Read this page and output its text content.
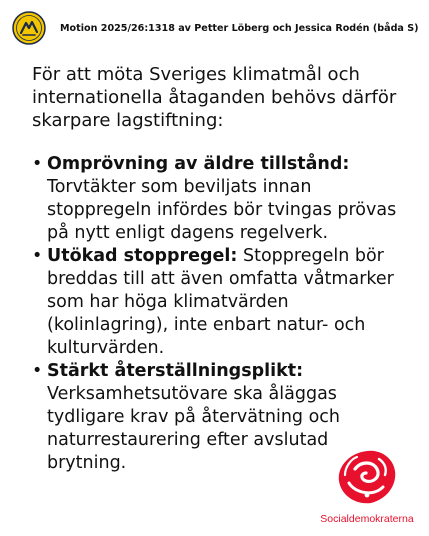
Motion 2025/26:1318 av Petter Löberg och Jessica Rodén (båda S)

För att möta Sveriges klimatmål och internationella åtaganden behövs därför skarpare lagstiftning:

• Omprövning av äldre tillstånd: Torvtäkter som beviljats innan stoppregeln infördes bör tvingas prövas på nytt enligt dagens regelverk.
• Utökad stoppregel: Stoppregeln bör breddas till att även omfatta våtmarker som har höga klimatvärden (kolinlagring), inte enbart natur- och kulturvärden.
• Stärkt återställningsplikt: Verksamhetsutövare ska åläggas tydligare krav på återvätning och naturrestaurering efter avslutad brytning.
Socialdemokraterna
